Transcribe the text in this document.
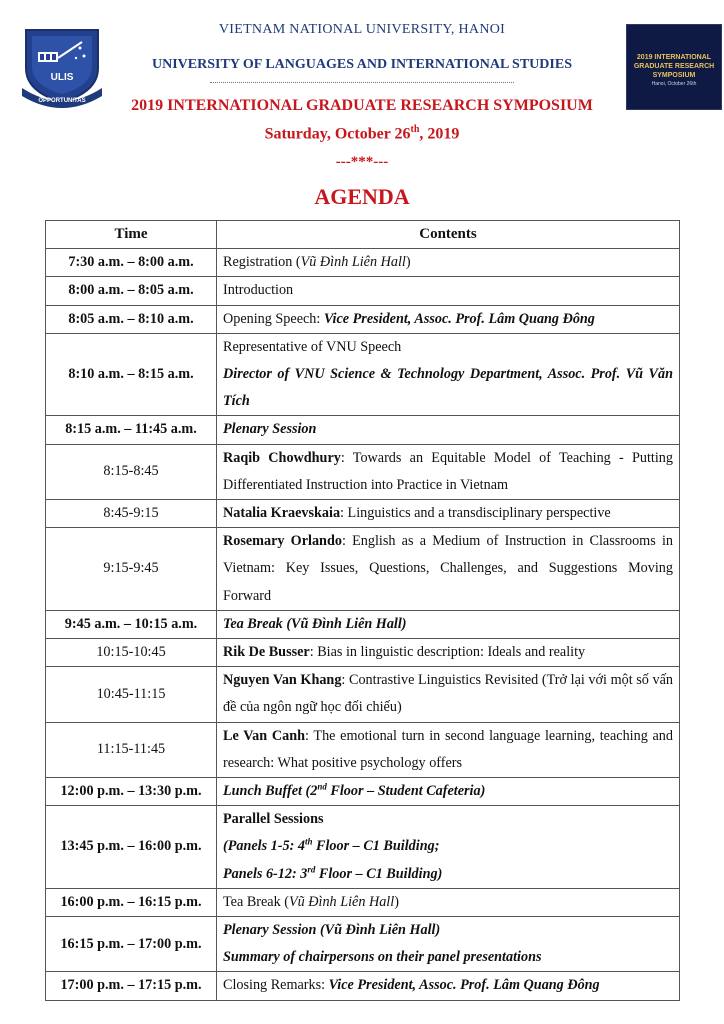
ULIS
OPPORTUNITAS
2019 INTERNATIONAL GRADUATE RESEARCH SYMPOSIUM
Hanoi, October 26th
VIETNAM NATIONAL UNIVERSITY, HANOI
UNIVERSITY OF LANGUAGES AND INTERNATIONAL STUDIES
2019 INTERNATIONAL GRADUATE RESEARCH SYMPOSIUM
Saturday, October 26th, 2019
---***---
AGENDA
Time	Contents
7:30 a.m. – 8:00 a.m.	Registration (Vũ Đình Liên Hall)
8:00 a.m. – 8:05 a.m.	Introduction
8:05 a.m. – 8:10 a.m.	Opening Speech: Vice President, Assoc. Prof. Lâm Quang Đông
8:10 a.m. – 8:15 a.m.	Representative of VNU Speech
Director of VNU Science & Technology Department, Assoc. Prof. Vũ Văn Tích

8:15 a.m. – 11:45 a.m.	Plenary Session
8:15-8:45	Raqib Chowdhury: Towards an Equitable Model of Teaching - Putting Differentiated Instruction into Practice in Vietnam
8:45-9:15	Natalia Kraevskaia: Linguistics and a transdisciplinary perspective
9:15-9:45	Rosemary Orlando: English as a Medium of Instruction in Classrooms in Vietnam: Key Issues, Questions, Challenges, and Suggestions Moving Forward
9:45 a.m. – 10:15 a.m.	Tea Break (Vũ Đình Liên Hall)
10:15-10:45	Rik De Busser: Bias in linguistic description: Ideals and reality
10:45-11:15	Nguyen Van Khang: Contrastive Linguistics Revisited (Trở lại với một số vấn đề của ngôn ngữ học đối chiếu)
11:15-11:45	Le Van Canh: The emotional turn in second language learning, teaching and research: What positive psychology offers
12:00 p.m. – 13:30 p.m.	Lunch Buffet (2nd Floor – Student Cafeteria)
13:45 p.m. – 16:00 p.m.	Parallel Sessions
(Panels 1-5: 4th Floor – C1 Building;
Panels 6-12: 3rd Floor – C1 Building)

16:00 p.m. – 16:15 p.m.	Tea Break (Vũ Đình Liên Hall)
16:15 p.m. – 17:00 p.m.	Plenary Session (Vũ Đình Liên Hall)
Summary of chairpersons on their panel presentations

17:00 p.m. – 17:15 p.m.	Closing Remarks: Vice President, Assoc. Prof. Lâm Quang Đông
